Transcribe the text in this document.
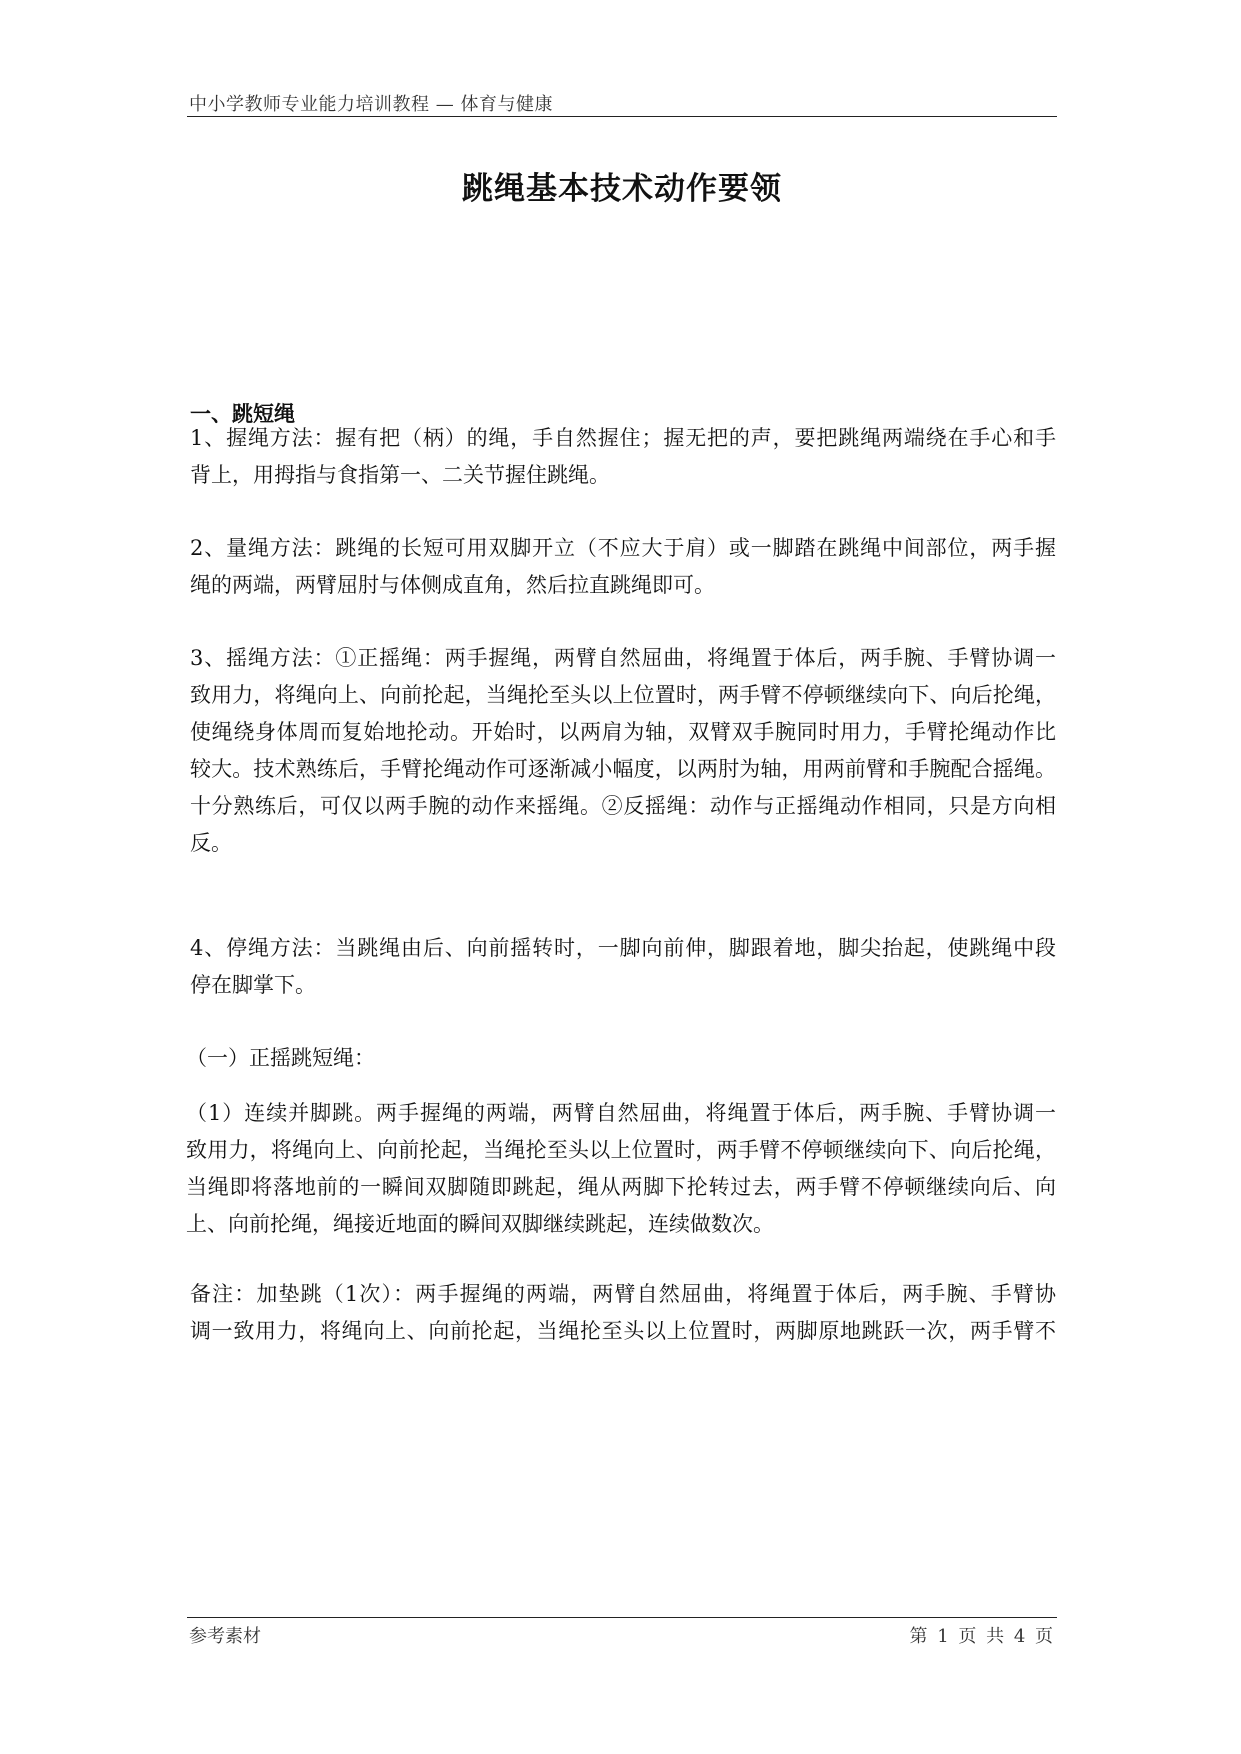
中小学教师专业能力培训教程 — 体育与健康
跳绳基本技术动作要领
一、跳短绳
1、握绳方法：握有把（柄）的绳，手自然握住；握无把的声，要把跳绳两端绕在手心和手
背上，用拇指与食指第一、二关节握住跳绳。
2、量绳方法：跳绳的长短可用双脚开立（不应大于肩）或一脚踏在跳绳中间部位，两手握
绳的两端，两臂屈肘与体侧成直角，然后拉直跳绳即可。
3、摇绳方法：①正摇绳：两手握绳，两臂自然屈曲，将绳置于体后，两手腕、手臂协调一
致用力，将绳向上、向前抡起，当绳抡至头以上位置时，两手臂不停顿继续向下、向后抡绳，
使绳绕身体周而复始地抡动。开始时，以两肩为轴，双臂双手腕同时用力，手臂抡绳动作比
较大。技术熟练后，手臂抡绳动作可逐渐减小幅度，以两肘为轴，用两前臂和手腕配合摇绳。
十分熟练后，可仅以两手腕的动作来摇绳。②反摇绳：动作与正摇绳动作相同，只是方向相
反。
4、停绳方法：当跳绳由后、向前摇转时，一脚向前伸，脚跟着地，脚尖抬起，使跳绳中段
停在脚掌下。
（一）正摇跳短绳：
（1）连续并脚跳。两手握绳的两端，两臂自然屈曲，将绳置于体后，两手腕、手臂协调一
致用力，将绳向上、向前抡起，当绳抡至头以上位置时，两手臂不停顿继续向下、向后抡绳，
当绳即将落地前的一瞬间双脚随即跳起，绳从两脚下抡转过去，两手臂不停顿继续向后、向
上、向前抡绳，绳接近地面的瞬间双脚继续跳起，连续做数次。
备注：加垫跳（1次）：两手握绳的两端，两臂自然屈曲，将绳置于体后，两手腕、手臂协
调一致用力，将绳向上、向前抡起，当绳抡至头以上位置时，两脚原地跳跃一次，两手臂不
参考素材	第 1 页 共 4 页
